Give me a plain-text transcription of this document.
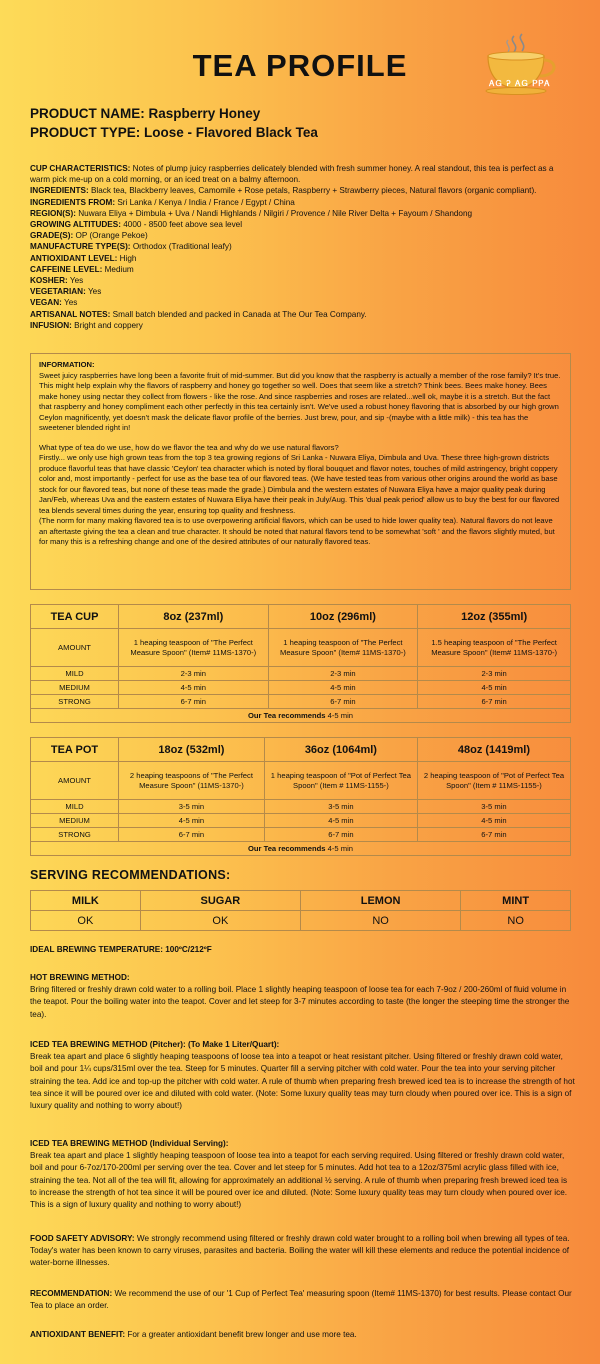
TEA PROFILE	ᎪᏀ Ꭾ ᎪᏀ ᏢᏢᎪ
PRODUCT NAME: Raspberry Honey
PRODUCT TYPE: Loose - Flavored Black Tea
CUP CHARACTERISTICS: Notes of plump juicy raspberries delicately blended with fresh summer honey. A real standout, this tea is perfect as a warm pick me-up on a cold morning, or an iced treat on a balmy afternoon.
INGREDIENTS: Black tea, Blackberry leaves, Camomile + Rose petals, Raspberry + Strawberry pieces, Natural flavors (organic compliant).
INGREDIENTS FROM: Sri Lanka / Kenya / India / France / Egypt / China
REGION(S): Nuwara Eliya + Dimbula + Uva / Nandi Highlands / Nilgiri / Provence / Nile River Delta + Fayoum / Shandong
GROWING ALTITUDES: 4000 - 8500 feet above sea level
GRADE(S): OP (Orange Pekoe)
MANUFACTURE TYPE(S): Orthodox (Traditional leafy)
ANTIOXIDANT LEVEL: High
CAFFEINE LEVEL: Medium
KOSHER: Yes
VEGETARIAN: Yes
VEGAN: Yes
ARTISANAL NOTES: Small batch blended and packed in Canada at The Our Tea Company.
INFUSION: Bright and coppery

INFORMATION:

Sweet juicy raspberries have long been a favorite fruit of mid-summer. But did you know that the raspberry is actually a member of the rose family? It's true. This might help explain why the flavors of raspberry and honey go together so well. Does that seem like a stretch? Think bees. Bees make honey. Bees make honey using nectar they collect from flowers - like the rose. And since raspberries and roses are related...well ok, maybe it is a stretch. But the fact that raspberry and honey compliment each other perfectly in this tea certainly isn't. We've used a robust honey flavoring that is absorbed by our high grown Ceylon magnificently, yet doesn't mask the delicate flavor profile of the berries. Just brew, pour, and sip -(maybe with a little milk) - this tea has the sweetener blended right in!

What type of tea do we use, how do we flavor the tea and why do we use natural flavors?

Firstly... we only use high grown teas from the top 3 tea growing regions of Sri Lanka - Nuwara Eliya, Dimbula and Uva. These three high-grown districts produce flavorful teas that have classic 'Ceylon' tea character which is noted by floral bouquet and flavor notes, touches of mild astringency, bright coppery color and, most importantly - perfect for use as the base tea of our flavored teas. (We have tested teas from various other origins around the world as base stock for our flavored teas, but none of these teas made the grade.) Dimbula and the western estates of Nuwara Eliya have a major quality peak during Jan/Feb, whereas Uva and the eastern estates of Nuwara Eliya have their peak in July/Aug. This 'dual peak period' allow us to buy the best for our flavored tea blends several times during the year, ensuring top quality and freshness.

(The norm for many making flavored tea is to use overpowering artificial flavors, which can be used to hide lower quality tea). Natural flavors do not leave an aftertaste giving the tea a clean and true character. It should be noted that natural flavors tend to be somewhat 'soft ' and the flavors slightly muted, but for many this is a refreshing change and one of the desired attributes of our naturally flavored teas.

TEA CUP	8oz (237ml)	10oz (296ml)	12oz (355ml)
AMOUNT	1 heaping teaspoon of "The Perfect Measure Spoon" (Item# 11MS-1370-)	1 heaping teaspoon of "The Perfect Measure Spoon" (Item# 11MS-1370-)	1.5 heaping teaspoon of "The Perfect Measure Spoon" (Item# 11MS-1370-)
MILD	2-3 min	2-3 min	2-3 min
MEDIUM	4-5 min	4-5 min	4-5 min
STRONG	6-7 min	6-7 min	6-7 min
Our Tea recommends 4-5 min			
TEA POT	18oz (532ml)	36oz (1064ml)	48oz (1419ml)
AMOUNT	2 heaping teaspoons of "The Perfect Measure Spoon" (11MS-1370-)	1 heaping teaspoon of "Pot of Perfect Tea Spoon" (Item # 11MS-1155-)	2 heaping teaspoon of "Pot of Perfect Tea Spoon" (Item # 11MS-1155-)
MILD	3-5 min	3-5 min	3-5 min
MEDIUM	4-5 min	4-5 min	4-5 min
STRONG	6-7 min	6-7 min	6-7 min
Our Tea recommends 4-5 min			
SERVING RECOMMENDATIONS:
MILK	SUGAR	LEMON	MINT
OK	OK	NO	NO
IDEAL BREWING TEMPERATURE: 100ºC/212ºF
HOT BREWING METHOD:
Bring filtered or freshly drawn cold water to a rolling boil. Place 1 slightly heaping teaspoon of loose tea for each 7-9oz / 200-260ml of fluid volume in the teapot. Pour the boiling water into the teapot. Cover and let steep for 3-7 minutes according to taste (the longer the steeping time the stronger the tea).
ICED TEA BREWING METHOD (Pitcher): (To Make 1 Liter/Quart):
Break tea apart and place 6 slightly heaping teaspoons of loose tea into a teapot or heat resistant pitcher. Using filtered or freshly drawn cold water, boil and pour 1¼ cups/315ml over the tea. Steep for 5 minutes. Quarter fill a serving pitcher with cold water. Pour the tea into your serving pitcher straining the tea. Add ice and top-up the pitcher with cold water. A rule of thumb when preparing fresh brewed iced tea is to increase the strength of hot tea since it will be poured over ice and diluted with cold water. (Note: Some luxury quality teas may turn cloudy when poured over ice. This is a sign of luxury quality and nothing to worry about!)
ICED TEA BREWING METHOD (Individual Serving):
Break tea apart and place 1 slightly heaping teaspoon of loose tea into a teapot for each serving required. Using filtered or freshly drawn cold water, boil and pour 6-7oz/170-200ml per serving over the tea. Cover and let steep for 5 minutes. Add hot tea to a 12oz/375ml acrylic glass filled with ice, straining the tea. Not all of the tea will fit, allowing for approximately an additional ½ serving. A rule of thumb when preparing fresh brewed iced tea is to increase the strength of hot tea since it will be poured over ice and diluted. (Note: Some luxury quality teas may turn cloudy when poured over ice. This is a sign of luxury quality and nothing to worry about!)
FOOD SAFETY ADVISORY: We strongly recommend using filtered or freshly drawn cold water brought to a rolling boil when brewing all types of tea. Today's water has been known to carry viruses, parasites and bacteria. Boiling the water will kill these elements and reduce the potential incidence of water-borne illnesses.
RECOMMENDATION: We recommend the use of our '1 Cup of Perfect Tea' measuring spoon (Item# 11MS-1370) for best results. Please contact Our Tea to place an order.
ANTIOXIDANT BENEFIT: For a greater antioxidant benefit brew longer and use more tea.
